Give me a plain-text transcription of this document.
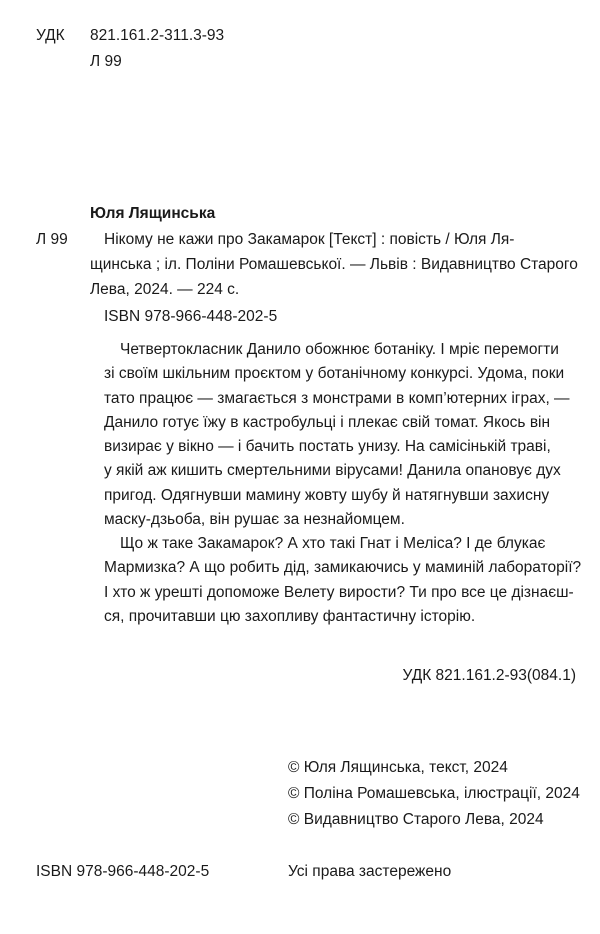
УДК 821.161.2-311.3-93
Л 99
Юля Лящинська
Л 99 Нікому не кажи про Закамарок [Текст] : повість / Юля Ля-
щинська ; іл. Поліни Ромашевської. — Львів : Видавництво Старого
Лева, 2024. — 224 с.
ISBN 978-966-448-202-5
Четвертокласник Данило обожнює ботаніку. І мріє перемогти
зі своїм шкільним проєктом у ботанічному конкурсі. Удома, поки
тато працює — змагається з монстрами в комп’ютерних іграх, —
Данило готує їжу в кастробульці і плекає свій томат. Якось він
визирає у вікно — і бачить постать унизу. На самісінькій траві,
у якій аж кишить смертельними вірусами! Данила опановує дух
пригод. Одягнувши мамину жовту шубу й натягнувши захисну
маску-дзьоба, він рушає за незнайомцем.
Що ж таке Закамарок? А хто такі Гнат і Меліса? І де блукає
Мармизка? А що робить дід, замикаючись у маминій лабораторії?
І хто ж урешті допоможе Велету вирости? Ти про все це дізнаєш-
ся, прочитавши цю захопливу фантастичну історію.
УДК 821.161.2-93(084.1)
© Юля Лящинська, текст, 2024
© Поліна Ромашевська, ілюстрації, 2024
© Видавництво Старого Лева, 2024
ISBN 978-966-448-202-5	Усі права застережено
